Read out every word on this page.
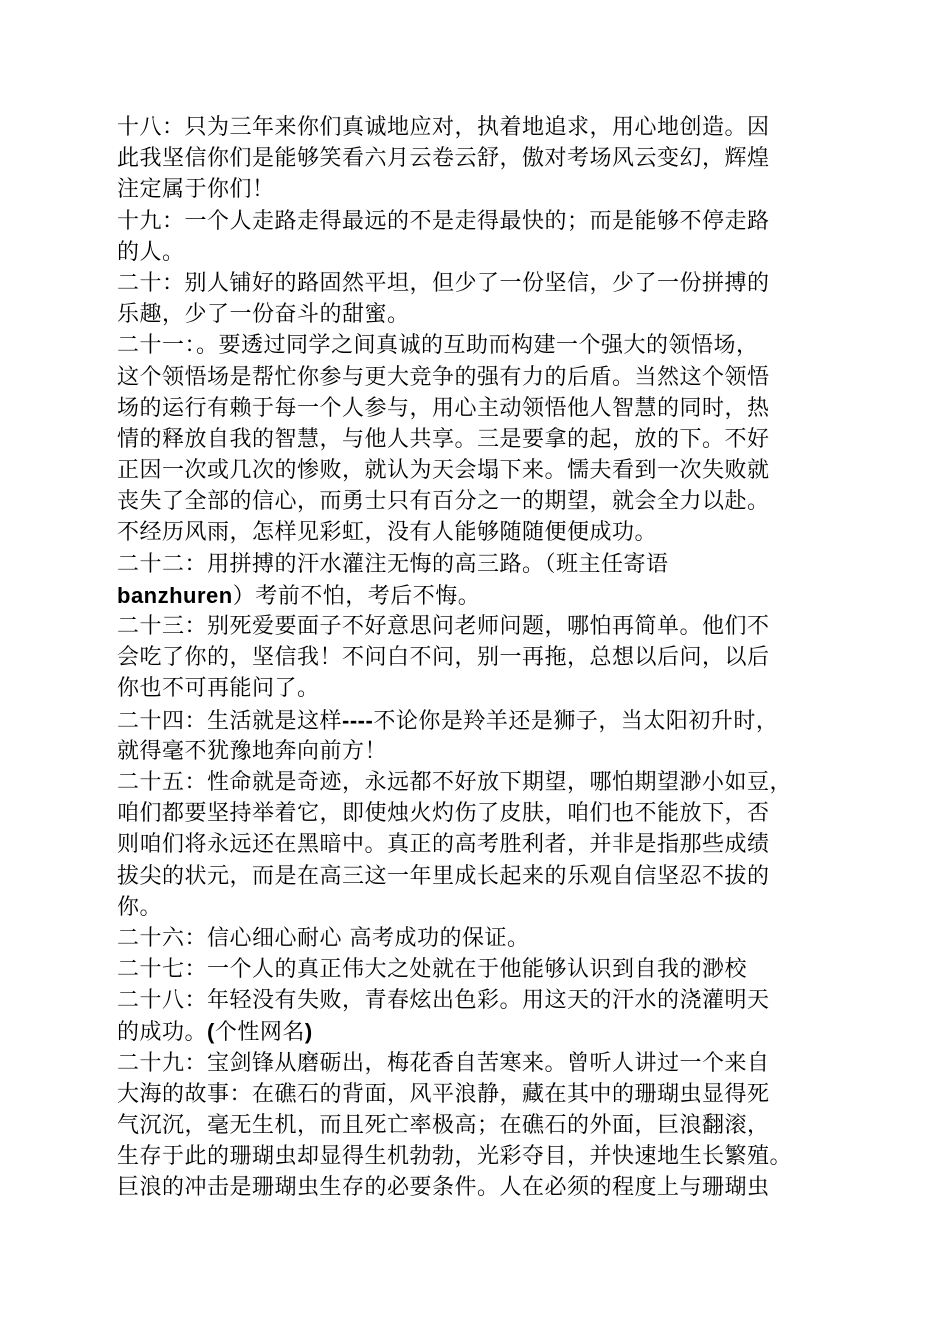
十八：只为三年来你们真诚地应对，执着地追求，用心地创造。因
此我坚信你们是能够笑看六月云卷云舒，傲对考场风云变幻，辉煌
注定属于你们！
十九：一个人走路走得最远的不是走得最快的；而是能够不停走路
的人。
二十：别人铺好的路固然平坦，但少了一份坚信，少了一份拼搏的
乐趣，少了一份奋斗的甜蜜。
二十一：。要透过同学之间真诚的互助而构建一个强大的领悟场，
这个领悟场是帮忙你参与更大竞争的强有力的后盾。当然这个领悟
场的运行有赖于每一个人参与，用心主动领悟他人智慧的同时，热
情的释放自我的智慧，与他人共享。三是要拿的起，放的下。不好
正因一次或几次的惨败，就认为天会塌下来。懦夫看到一次失败就
丧失了全部的信心，而勇士只有百分之一的期望，就会全力以赴。
不经历风雨，怎样见彩虹，没有人能够随随便便成功。
二十二：用拼搏的汗水灌注无悔的高三路。（班主任寄语
banzhuren）考前不怕，考后不悔。
二十三：别死爱要面子不好意思问老师问题，哪怕再简单。他们不
会吃了你的，坚信我！不问白不问，别一再拖，总想以后问，以后
你也不可再能问了。
二十四：生活就是这样----不论你是羚羊还是狮子，当太阳初升时，
就得毫不犹豫地奔向前方！
二十五：性命就是奇迹，永远都不好放下期望，哪怕期望渺小如豆，
咱们都要坚持举着它，即使烛火灼伤了皮肤，咱们也不能放下，否
则咱们将永远还在黑暗中。真正的高考胜利者，并非是指那些成绩
拔尖的状元，而是在高三这一年里成长起来的乐观自信坚忍不拔的
你。
二十六：信心细心耐心 高考成功的保证。
二十七：一个人的真正伟大之处就在于他能够认识到自我的渺校
二十八：年轻没有失败，青春炫出色彩。用这天的汗水的浇灌明天
的成功。(个性网名)
二十九：宝剑锋从磨砺出，梅花香自苦寒来。曾听人讲过一个来自
大海的故事：在礁石的背面，风平浪静，藏在其中的珊瑚虫显得死
气沉沉，毫无生机，而且死亡率极高；在礁石的外面，巨浪翻滚，
生存于此的珊瑚虫却显得生机勃勃，光彩夺目，并快速地生长繁殖。
巨浪的冲击是珊瑚虫生存的必要条件。人在必须的程度上与珊瑚虫
